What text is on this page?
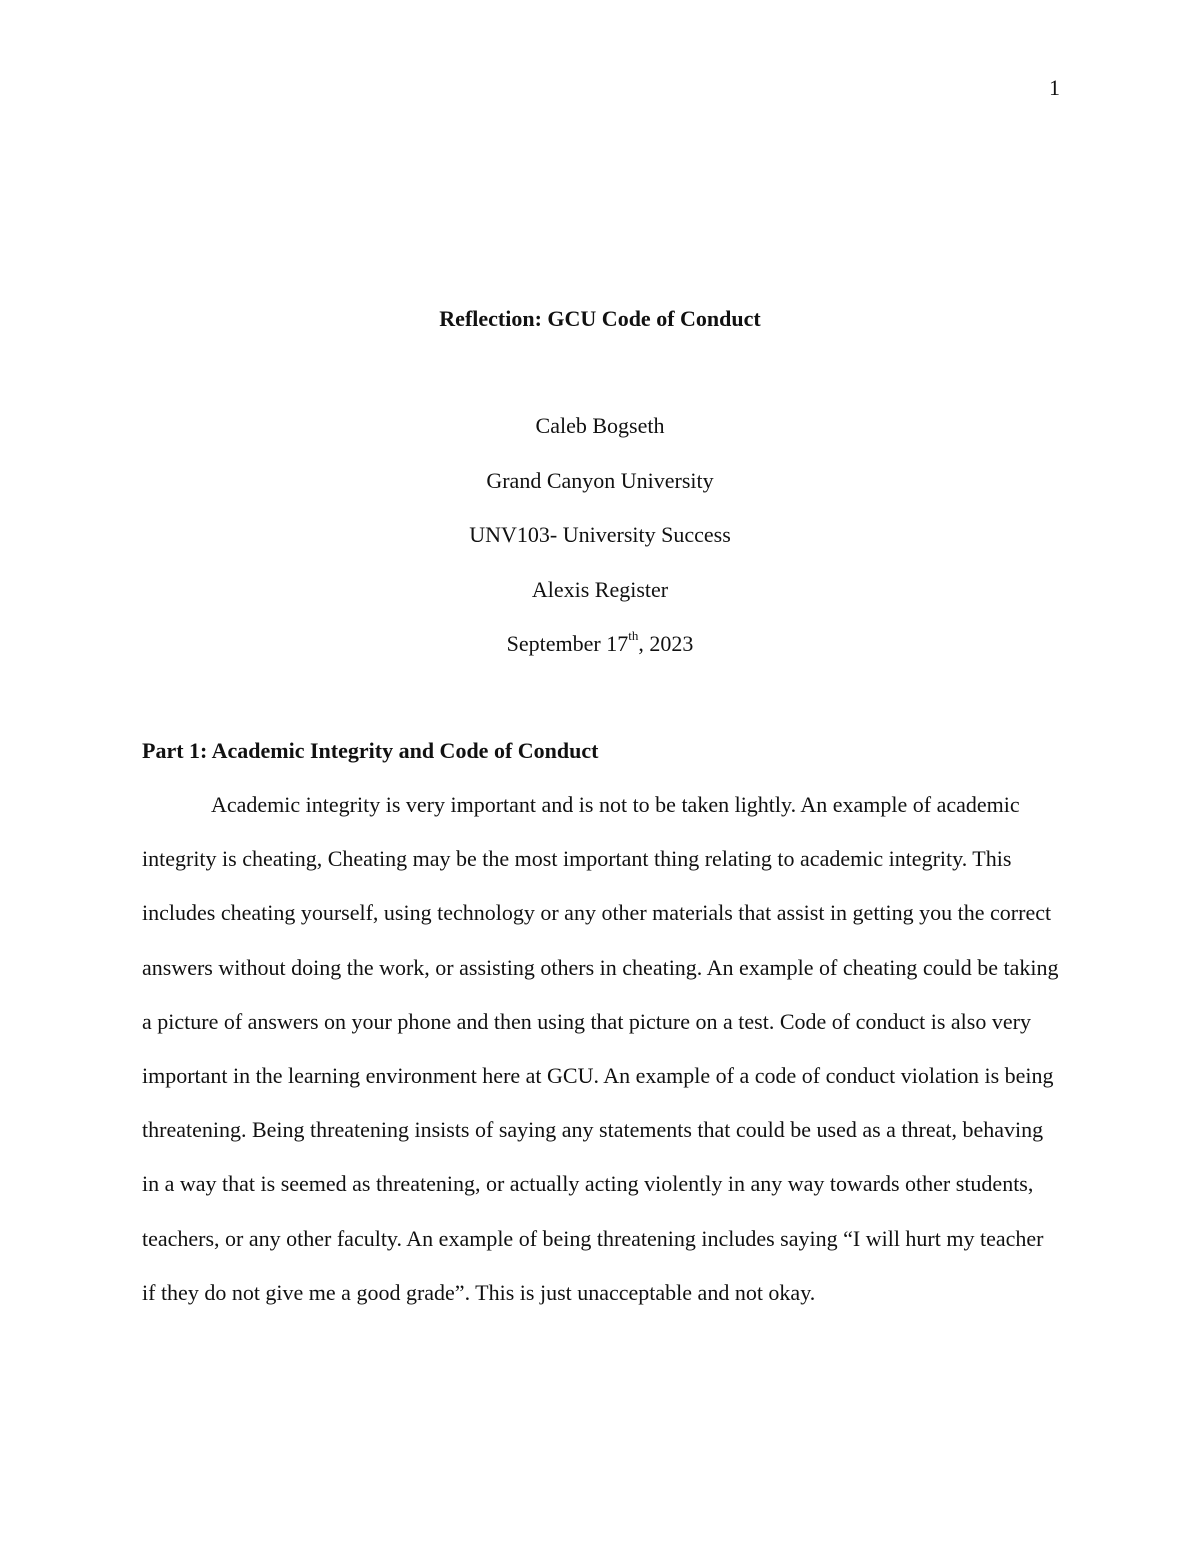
1
Reflection: GCU Code of Conduct
Caleb Bogseth
Grand Canyon University
UNV103- University Success
Alexis Register
September 17th, 2023
Part 1: Academic Integrity and Code of Conduct

Academic integrity is very important and is not to be taken lightly. An example of academic integrity is cheating, Cheating may be the most important thing relating to academic integrity. This includes cheating yourself, using technology or any other materials that assist in getting you the correct answers without doing the work, or assisting others in cheating. An example of cheating could be taking a picture of answers on your phone and then using that picture on a test. Code of conduct is also very important in the learning environment here at GCU. An example of a code of conduct violation is being threatening. Being threatening insists of saying any statements that could be used as a threat, behaving in a way that is seemed as threatening, or actually acting violently in any way towards other students, teachers, or any other faculty. An example of being threatening includes saying “I will hurt my teacher if they do not give me a good grade”. This is just unacceptable and not okay.
